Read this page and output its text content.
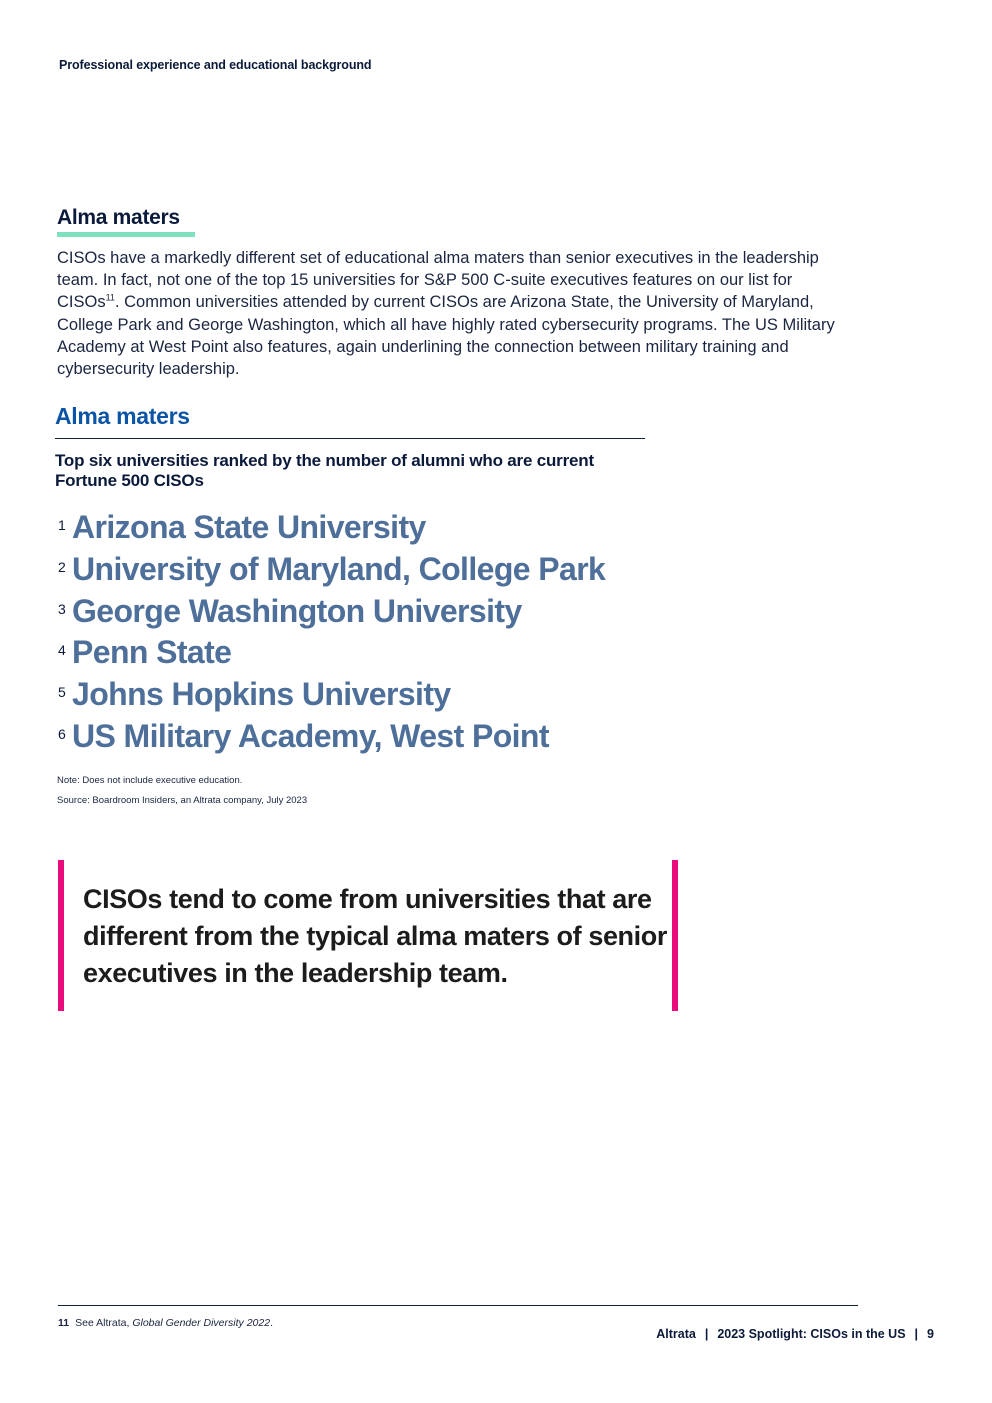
Professional experience and educational background
Alma maters

CISOs have a markedly different set of educational alma maters than senior executives in the leadership team. In fact, not one of the top 15 universities for S&P 500 C-suite executives features on our list for CISOs$^{11}$. Common universities attended by current CISOs are Arizona State, the University of Maryland, College Park and George Washington, which all have highly rated cybersecurity programs. The US Military Academy at West Point also features, again underlining the connection between military training and cybersecurity leadership.

Alma maters

Top six universities ranked by the number of alumni who are current Fortune 500 CISOs

1 Arizona State University
2 University of Maryland, College Park
3 George Washington University
4 Penn State
5 Johns Hopkins University
6 US Military Academy, West Point
Note: Does not include executive education.
Source: Boardroom Insiders, an Altrata company, July 2023

CISOs tend to come from universities that are different from the typical alma maters of senior executives in the leadership team.

11 See Altrata, Global Gender Diversity 2022.
Altrata | 2023 Spotlight: CISOs in the US | 9
